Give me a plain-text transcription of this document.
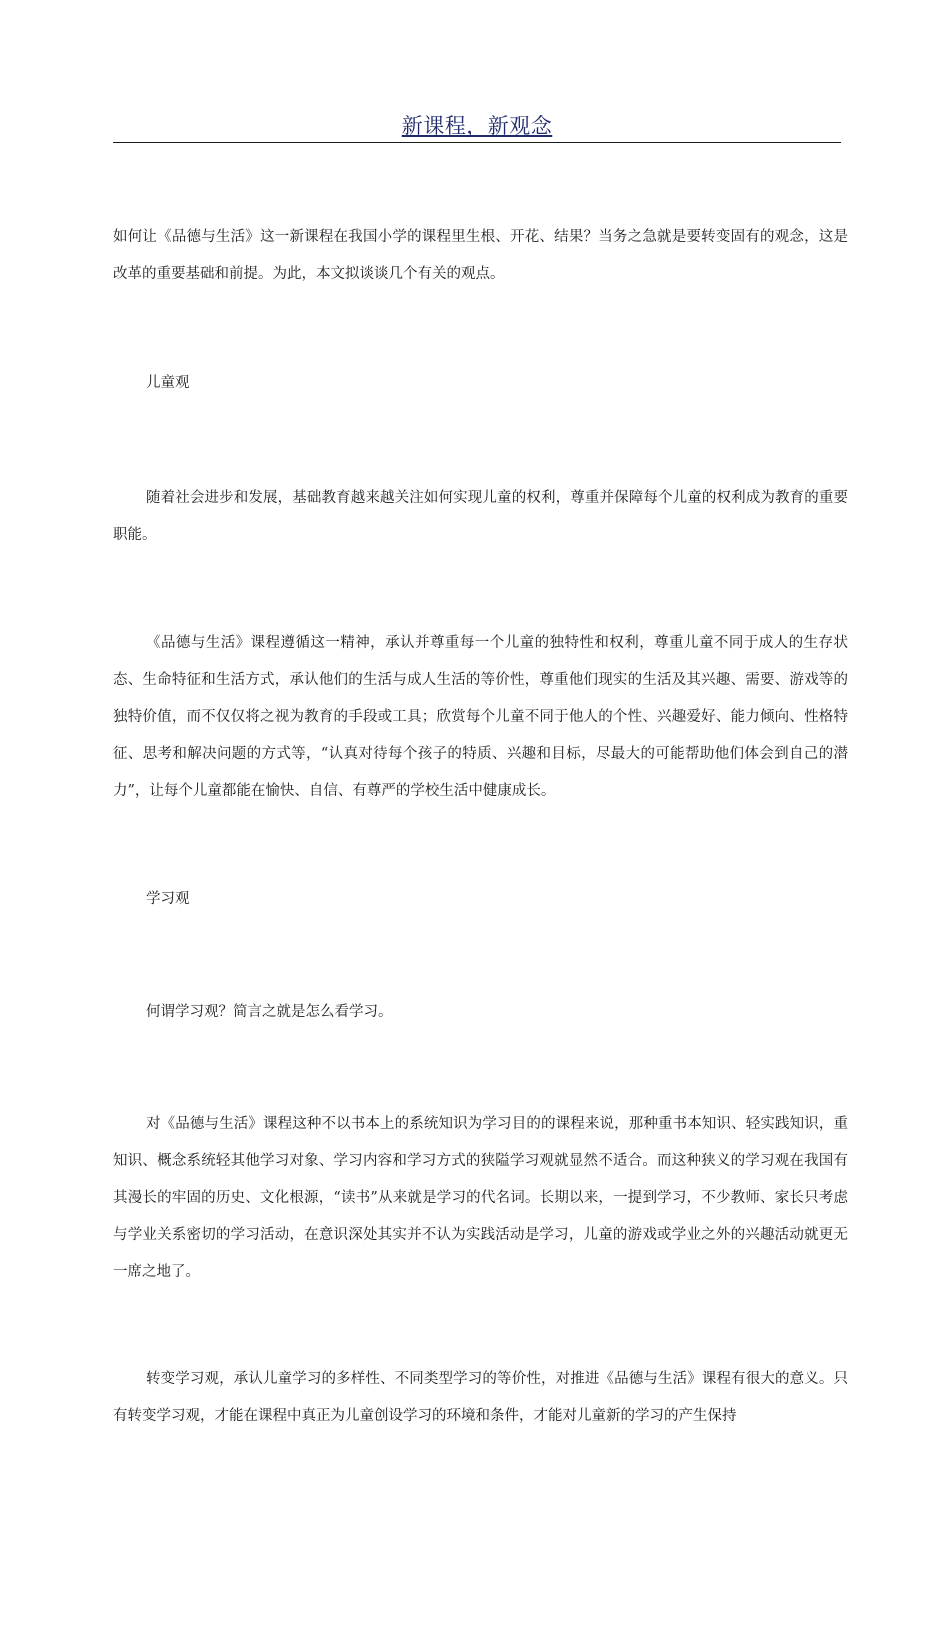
新课程，新观念

如何让《品德与生活》这一新课程在我国小学的课程里生根、开花、结果？当务之急就是要转变固有的观念，这是改革的重要基础和前提。为此，本文拟谈谈几个有关的观点。

儿童观

随着社会进步和发展，基础教育越来越关注如何实现儿童的权利，尊重并保障每个儿童的权利成为教育的重要职能。

《品德与生活》课程遵循这一精神，承认并尊重每一个儿童的独特性和权利，尊重儿童不同于成人的生存状态、生命特征和生活方式，承认他们的生活与成人生活的等价性，尊重他们现实的生活及其兴趣、需要、游戏等的独特价值，而不仅仅将之视为教育的手段或工具；欣赏每个儿童不同于他人的个性、兴趣爱好、能力倾向、性格特征、思考和解决问题的方式等，“认真对待每个孩子的特质、兴趣和目标，尽最大的可能帮助他们体会到自己的潜力”，让每个儿童都能在愉快、自信、有尊严的学校生活中健康成长。

学习观

何谓学习观？简言之就是怎么看学习。

对《品德与生活》课程这种不以书本上的系统知识为学习目的的课程来说，那种重书本知识、轻实践知识，重知识、概念系统轻其他学习对象、学习内容和学习方式的狭隘学习观就显然不适合。而这种狭义的学习观在我国有其漫长的牢固的历史、文化根源，“读书”从来就是学习的代名词。长期以来，一提到学习，不少教师、家长只考虑与学业关系密切的学习活动，在意识深处其实并不认为实践活动是学习，儿童的游戏或学业之外的兴趣活动就更无一席之地了。

转变学习观，承认儿童学习的多样性、不同类型学习的等价性，对推进《品德与生活》课程有很大的意义。只有转变学习观，才能在课程中真正为儿童创设学习的环境和条件，才能对儿童新的学习的产生保持
